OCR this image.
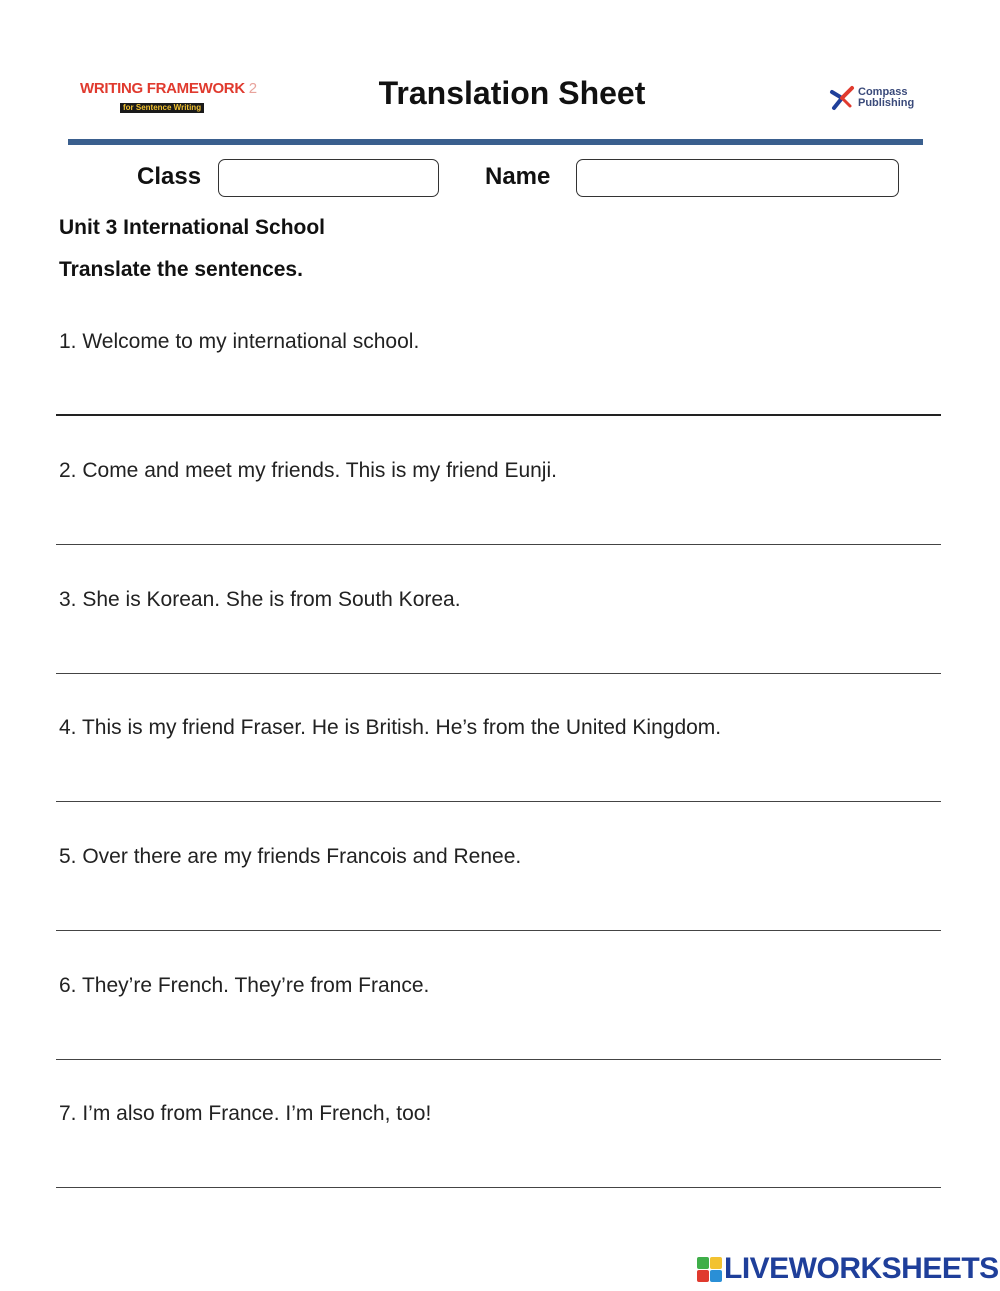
WRITING FRAMEWORK 2
for Sentence Writing	Translation Sheet	Compass
Publishing
Class	Name
Unit 3 International School
Translate the sentences.
1. Welcome to my international school.
2. Come and meet my friends. This is my friend Eunji.
3. She is Korean. She is from South Korea.
4. This is my friend Fraser. He is British. He’s from the United Kingdom.
5. Over there are my friends Francois and Renee.
6. They’re French. They’re from France.
7. I’m also from France. I’m French, too!
LIVEWORKSHEETS
